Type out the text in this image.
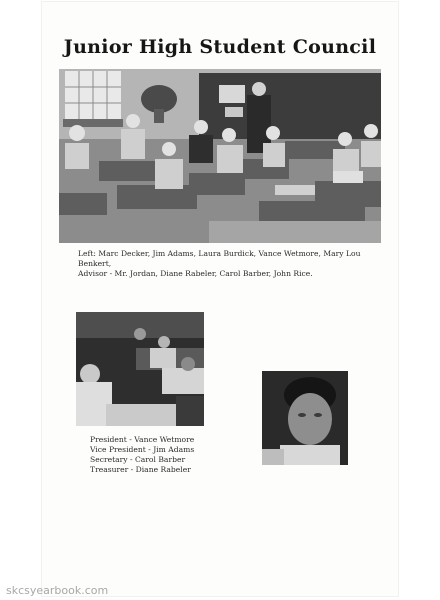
Junior High Student Council
Left: Marc Decker, Jim Adams, Laura Burdick, Vance Wetmore, Mary Lou Benkert,
Advisor - Mr. Jordan, Diane Rabeler, Carol Barber, John Rice.
President - Vance Wetmore
Vice President - Jim Adams
Secretary - Carol Barber
Treasurer - Diane Rabeler
skcsyearbook.com
